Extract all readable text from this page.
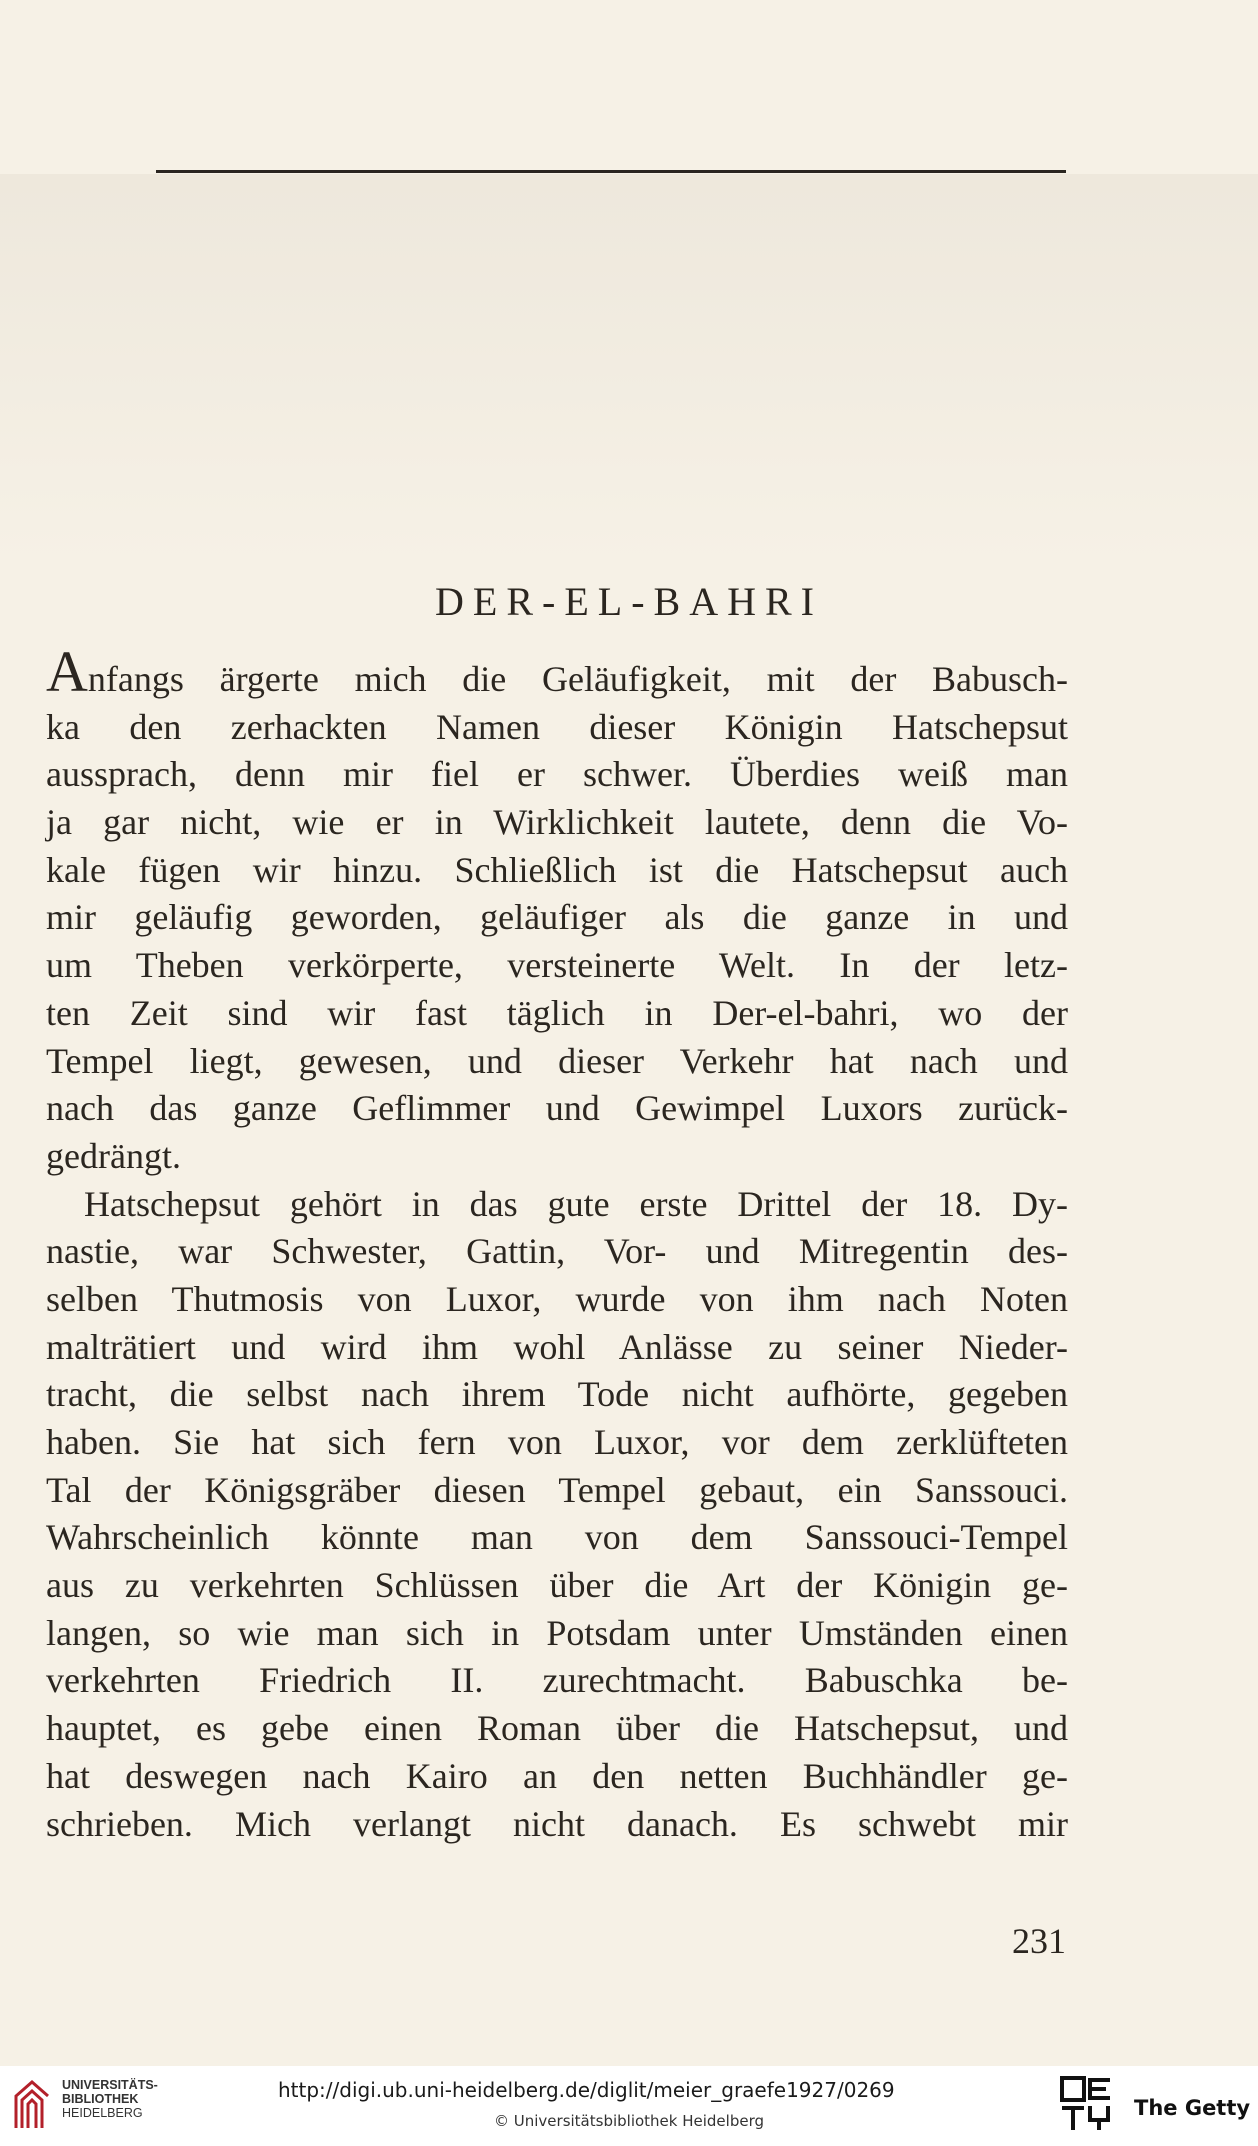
DER-EL-BAHRI
Anfangs ärgerte mich die Geläufigkeit, mit der Babusch-
ka den zerhackten Namen dieser Königin Hatschepsut
aussprach, denn mir fiel er schwer. Überdies weiß man
ja gar nicht, wie er in Wirklichkeit lautete, denn die Vo-
kale fügen wir hinzu. Schließlich ist die Hatschepsut auch
mir geläufig geworden, geläufiger als die ganze in und
um Theben verkörperte, versteinerte Welt. In der letz-
ten Zeit sind wir fast täglich in Der-el-bahri, wo der
Tempel liegt, gewesen, und dieser Verkehr hat nach und
nach das ganze Geflimmer und Gewimpel Luxors zurück-
gedrängt.
Hatschepsut gehört in das gute erste Drittel der 18. Dy-
nastie, war Schwester, Gattin, Vor- und Mitregentin des-
selben Thutmosis von Luxor, wurde von ihm nach Noten
malträtiert und wird ihm wohl Anlässe zu seiner Nieder-
tracht, die selbst nach ihrem Tode nicht aufhörte, gegeben
haben. Sie hat sich fern von Luxor, vor dem zerklüfteten
Tal der Königsgräber diesen Tempel gebaut, ein Sanssouci.
Wahrscheinlich könnte man von dem Sanssouci-Tempel
aus zu verkehrten Schlüssen über die Art der Königin ge-
langen, so wie man sich in Potsdam unter Umständen einen
verkehrten Friedrich II. zurechtmacht. Babuschka be-
hauptet, es gebe einen Roman über die Hatschepsut, und
hat deswegen nach Kairo an den netten Buchhändler ge-
schrieben. Mich verlangt nicht danach. Es schwebt mir
231
UNIVERSITÄTS-
BIBLIOTHEK
HEIDELBERG
http://digi.ub.uni-heidelberg.de/diglit/meier_graefe1927/0269
© Universitätsbibliothek Heidelberg
The Getty
